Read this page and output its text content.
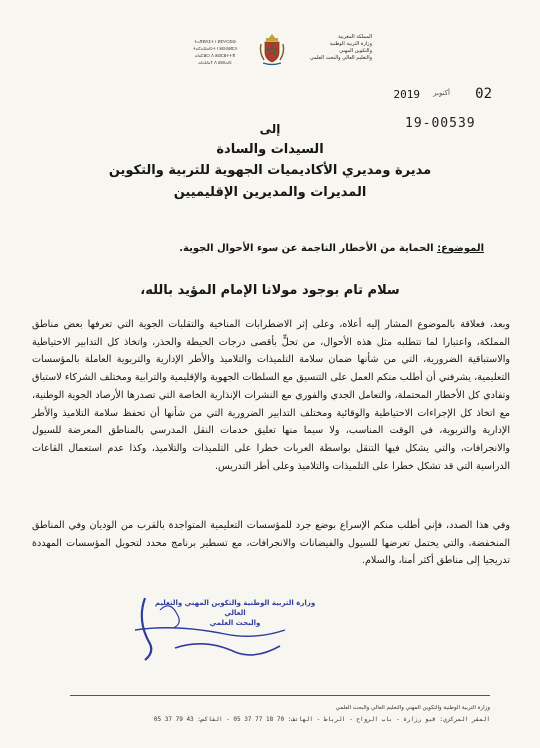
ⵜⴰⴳⵍⴷⵉⵜ ⵏ ⵍⵎⵖⵔⵉⴱ
ⵜⴰⵎⴰⵡⴰⵙⵜ ⵏ ⵓⵙⵙⵍⵎⴷ
ⴰⵏⴰⵎⵓⵔ ⴷ ⵓⵙⵎⵓⵜⵜⴳ
ⴰⵏⴰⵡⴰⵢ ⴷ ⵓⵙⵏⴰⵙ
المملكة المغربية
وزارة التربية الوطنية
والتكوين المهني
والتعليم العالي والبحث العلمي
02
أكتوبر
2019
19-00539
إلى
السيدات والسادة
مديرة ومديري الأكاديميات الجهوية للتربية والتكوين
المديرات والمديرين الإقليميين
الموضوع: الحماية من الأخطار الناجمة عن سوء الأحوال الجوية.
سلام تام بوجود مولانا الإمام المؤيد بالله،

وبعد، فعلاقة بالموضوع المشار إليه أعلاه، وعلى إثر الاضطرابات المناخية والتقلبات الجوية التي تعرفها بعض مناطق المملكة، واعتبارا لما تتطلبه مثل هذه الأحوال، من تحلٍّ بأقصى درجات الحيطة والحذر، واتخاذ كل التدابير الاحتياطية والاستباقية الضرورية، التي من شأنها ضمان سلامة التلميذات والتلاميذ والأطر الإدارية والتربوية العاملة بالمؤسسات التعليمية، يشرفني أن أطلب منكم العمل على التنسيق مع السلطات الجهوية والإقليمية والترابية ومختلف الشركاء لاستباق وتفادي كل الأخطار المحتملة، والتعامل الجدي والفوري مع النشرات الإنذارية الخاصة التي تصدرها الأرصاد الجوية الوطنية، مع اتخاذ كل الإجراءات الاحتياطية والوقائية ومختلف التدابير الضرورية التي من شأنها أن تحفظ سلامة التلاميذ والأطر الإدارية والتربوية، في الوقت المناسب، ولا سيما منها تعليق خدمات النقل المدرسي بالمناطق المعرضة للسيول والانجرافات، والتي يشكل فيها التنقل بواسطة العربات خطرا على التلميذات والتلاميذ، وكذا عدم استعمال القاعات الدراسية التي قد تشكل خطرا على التلميذات والتلاميذ وعلى أطر التدريس.

وفي هذا الصدد، فإني أطلب منكم الإسراع بوضع جرد للمؤسسات التعليمية المتواجدة بالقرب من الوديان وفي المناطق المنخفضة، والتي يحتمل تعرضها للسيول والفيضانات والانجرافات، مع تسطير برنامج محدد لتحويل المؤسسات المهددة تدريجيا إلى مناطق أكثر أمنا، والسلام.

وزارة التربية الوطنية والتكوين المهني والتعليم العالي
والبحث العلمي
وزارة التربية الوطنية والتكوين المهني والتعليم العالي والبحث العلمي
المقر المركزي: قبو رزارة - باب الرواح - الرباط - الهاتف: 70 18 77 37 05 - الفاكس: 43 79 37 05
